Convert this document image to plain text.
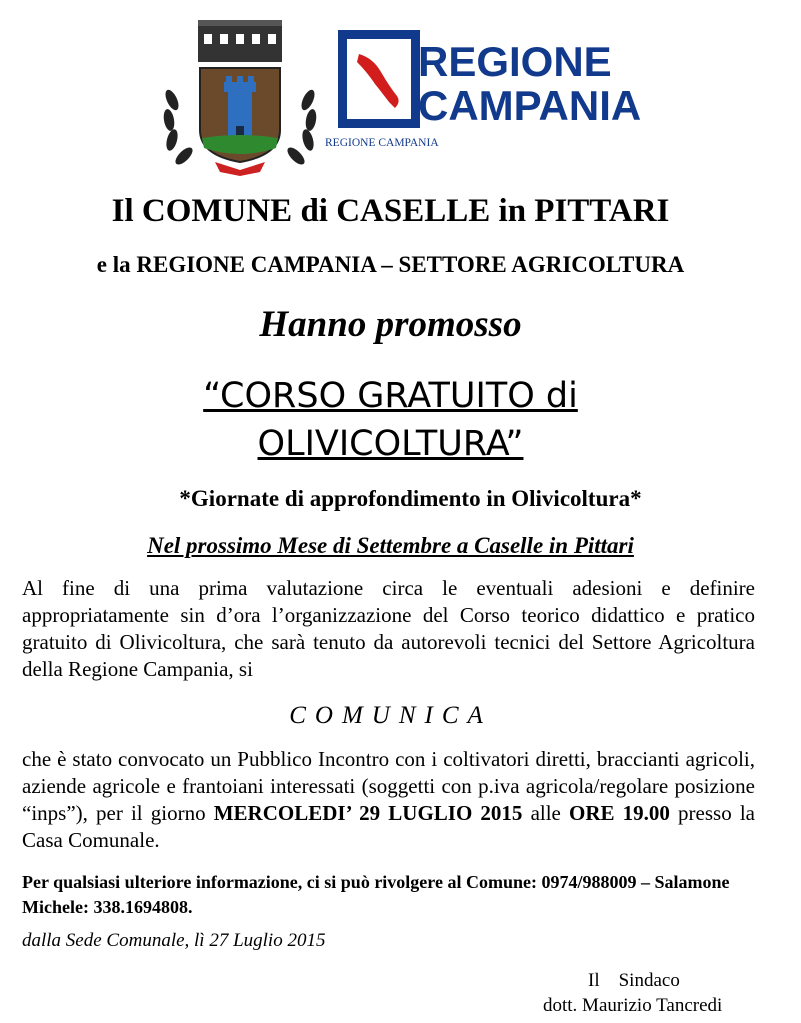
REGIONE CAMPANIA
REGIONE
CAMPANIA
Il COMUNE di CASELLE in PITTARI
e la REGIONE CAMPANIA – SETTORE AGRICOLTURA
Hanno promosso
“CORSO GRATUITO di
OLIVICOLTURA”
*Giornate di approfondimento in Olivicoltura*
Nel prossimo Mese di Settembre a Caselle in Pittari
Al fine di una prima valutazione circa le eventuali adesioni e definire appropriatamente sin d’ora l’organizzazione del Corso teorico didattico e pratico gratuito di Olivicoltura, che sarà tenuto da autorevoli tecnici del Settore Agricoltura della Regione Campania, si
COMUNICA
che è stato convocato un Pubblico Incontro con i coltivatori diretti, braccianti agricoli, aziende agricole e frantoiani interessati (soggetti con p.iva agricola/regolare posizione “inps”), per il giorno MERCOLEDI’ 29 LUGLIO 2015 alle ORE 19.00 presso la Casa Comunale.
Per qualsiasi ulteriore informazione, ci si può rivolgere al Comune: 0974/988009 – Salamone Michele: 338.1694808.
dalla Sede Comunale, lì 27 Luglio 2015
Il    Sindaco
dott. Maurizio Tancredi
